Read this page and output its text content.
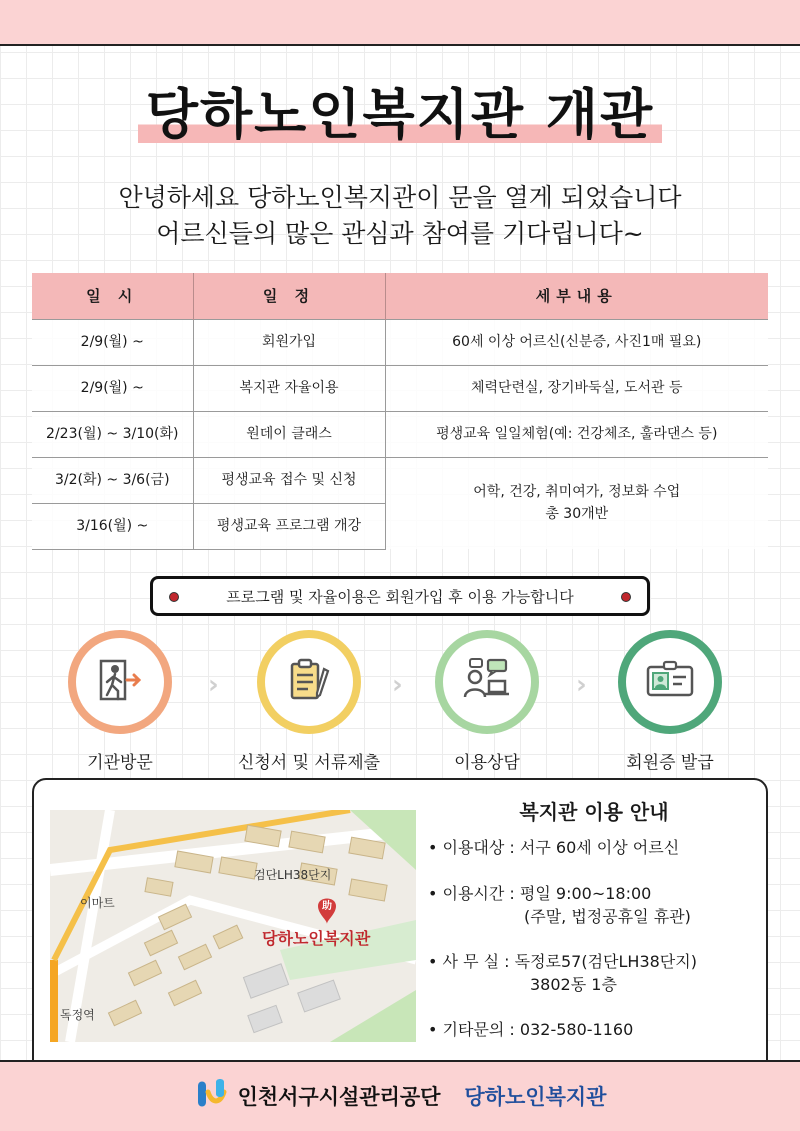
당하노인복지관 개관
안녕하세요 당하노인복지관이 문을 열게 되었습니다
어르신들의 많은 관심과 참여를 기다립니다~
일 시	일 정	세부내용
2/9(월) ~	회원가입	60세 이상 어르신(신분증, 사진1매 필요)
2/9(월) ~	복지관 자율이용	체력단련실, 장기바둑실, 도서관 등
2/23(월) ~ 3/10(화)	원데이 클래스	평생교육 일일체험(예: 건강체조, 훌라댄스 등)
3/2(화) ~ 3/6(금)	평생교육 접수 및 신청	어학, 건강, 취미여가, 정보화 수업
총 30개반

3/16(월) ~	평생교육 프로그램 개강	
프로그램 및 자율이용은 회원가입 후 이용 가능합니다
기관방문
›
신청서 및 서류제출
›
이용상담
›
회원증 발급
助
검단LH38단지
이마트
독정역
당하노인복지관
복지관 이용 안내
• 이용대상 : 서구 60세 이상 어르신
• 이용시간 : 평일 9:00~18:00
(주말, 법정공휴일 휴관)
• 사 무 실 : 독정로57(검단LH38단지)
3802동 1층
• 기타문의 : 032-580-1160
인천서구시설관리공단 당하노인복지관
